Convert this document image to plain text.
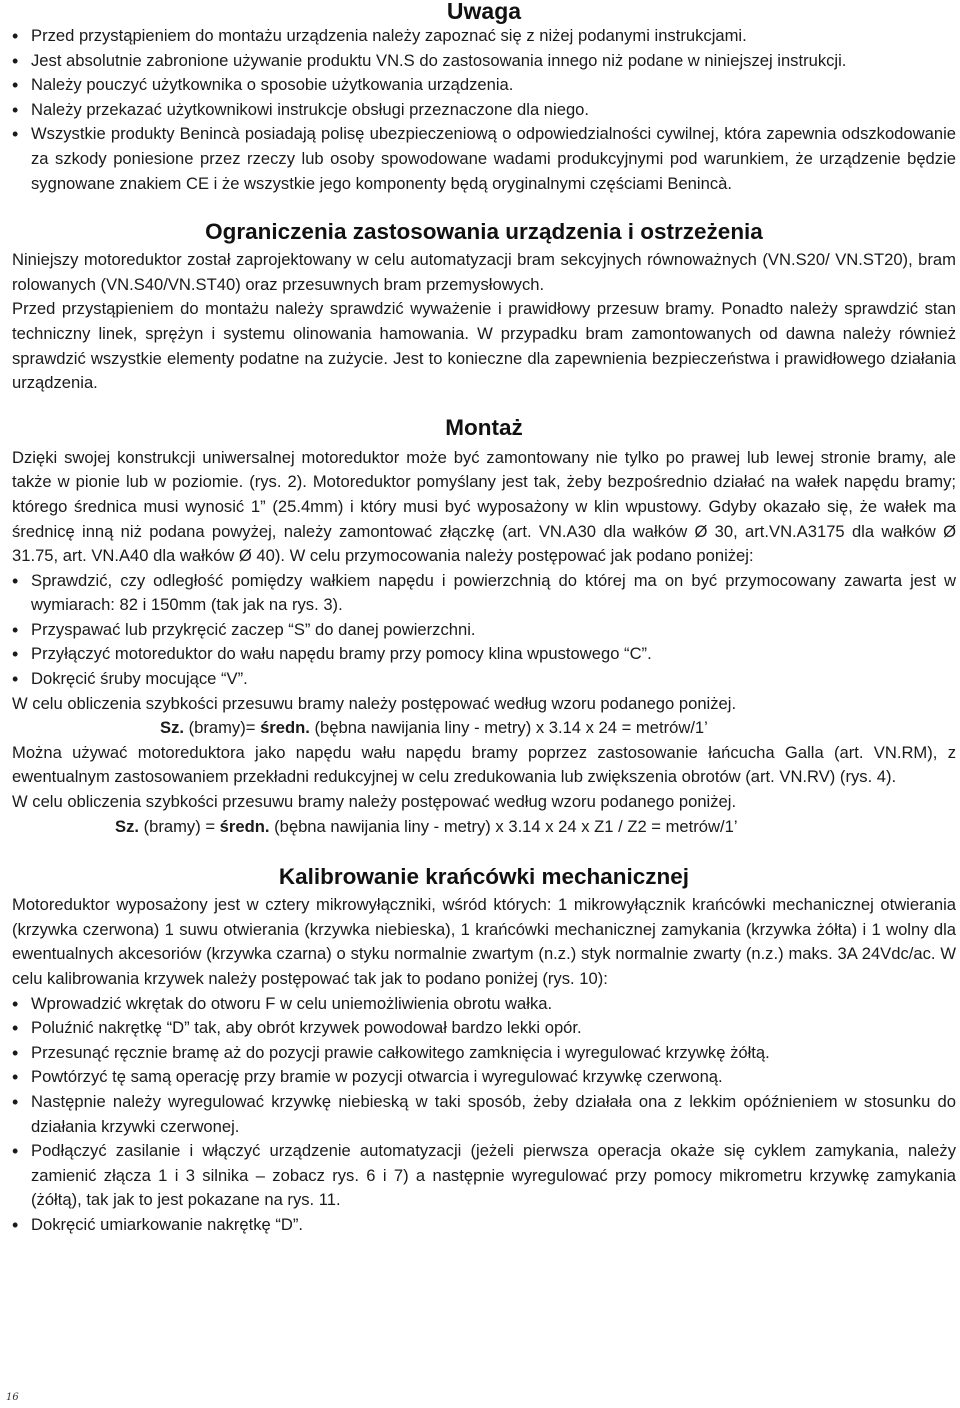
Uwaga
• Przed przystąpieniem do montażu urządzenia należy zapoznać się z niżej podanymi instrukcjami.
• Jest absolutnie zabronione używanie produktu VN.S do zastosowania innego niż podane w niniejszej instrukcji.
• Należy pouczyć użytkownika o sposobie użytkowania urządzenia.
• Należy przekazać użytkownikowi instrukcje obsługi przeznaczone dla niego.
• Wszystkie produkty Benincà posiadają polisę ubezpieczeniową o odpowiedzialności cywilnej, która zapewnia odszkodowanie za szkody poniesione przez rzeczy lub osoby spowodowane wadami produkcyjnymi pod warunkiem, że urządzenie będzie sygnowane znakiem CE i że wszystkie jego komponenty będą oryginalnymi częściami Benincà.
Ograniczenia zastosowania urządzenia i ostrzeżenia

Niniejszy motoreduktor został zaprojektowany w celu automatyzacji bram sekcyjnych równoważnych (VN.S20/ VN.ST20), bram rolowanych (VN.S40/VN.ST40) oraz przesuwnych bram przemysłowych.

Przed przystąpieniem do montażu należy sprawdzić wyważenie i prawidłowy przesuw bramy. Ponadto należy sprawdzić stan techniczny linek, sprężyn i systemu olinowania hamowania. W przypadku bram zamontowanych od dawna należy również sprawdzić wszystkie elementy podatne na zużycie. Jest to konieczne dla zapewnienia bezpieczeństwa i prawidłowego działania urządzenia.

Montaż

Dzięki swojej konstrukcji uniwersalnej motoreduktor może być zamontowany nie tylko po prawej lub lewej stronie bramy, ale także w pionie lub w poziomie. (rys. 2). Motoreduktor pomyślany jest tak, żeby bezpośrednio działać na wałek napędu bramy; którego średnica musi wynosić 1” (25.4mm) i który musi być wyposażony w klin wpustowy. Gdyby okazało się, że wałek ma średnicę inną niż podana powyżej, należy zamontować złączkę (art. VN.A30 dla wałków Ø 30, art.VN.A3175 dla wałków Ø 31.75, art. VN.A40 dla wałków Ø 40). W celu przymocowania należy postępować jak podano poniżej:

• Sprawdzić, czy odległość pomiędzy wałkiem napędu i powierzchnią do której ma on być przymocowany zawarta jest w wymiarach: 82 i 150mm (tak jak na rys. 3).
• Przyspawać lub przykręcić zaczep “S” do danej powierzchni.
• Przyłączyć motoreduktor do wału napędu bramy przy pomocy klina wpustowego “C”.
• Dokręcić śruby mocujące “V”.

W celu obliczenia szybkości przesuwu bramy należy postępować według wzoru podanego poniżej.

Sz. (bramy)= średn. (bębna nawijania liny - metry) x 3.14 x 24 = metrów/1’

Można używać motoreduktora jako napędu wału napędu bramy poprzez zastosowanie łańcucha Galla (art. VN.RM), z ewentualnym zastosowaniem przekładni redukcyjnej w celu zredukowania lub zwiększenia obrotów (art. VN.RV) (rys. 4).

W celu obliczenia szybkości przesuwu bramy należy postępować według wzoru podanego poniżej.

Sz. (bramy) = średn. (bębna nawijania liny - metry) x 3.14 x 24 x Z1 / Z2 = metrów/1’

Kalibrowanie krańcówki mechanicznej

Motoreduktor wyposażony jest w cztery mikrowyłączniki, wśród których: 1 mikrowyłącznik krańcówki mechanicznej otwierania (krzywka czerwona) 1 suwu otwierania (krzywka niebieska), 1 krańcówki mechanicznej zamykania (krzywka żółta) i 1 wolny dla ewentualnych akcesoriów (krzywka czarna) o styku normalnie zwartym (n.z.) styk normalnie zwarty (n.z.) maks. 3A 24Vdc/ac. W celu kalibrowania krzywek należy postępować tak jak to podano poniżej (rys. 10):

• Wprowadzić wkrętak do otworu F w celu uniemożliwienia obrotu wałka.
• Poluźnić nakrętkę “D” tak, aby obrót krzywek powodował bardzo lekki opór.
• Przesunąć ręcznie bramę aż do pozycji prawie całkowitego zamknięcia i wyregulować krzywkę żółtą.
• Powtórzyć tę samą operację przy bramie w pozycji otwarcia i wyregulować krzywkę czerwoną.
• Następnie należy wyregulować krzywkę niebieską w taki sposób, żeby działała ona z lekkim opóźnieniem w stosunku do działania krzywki czerwonej.
• Podłączyć zasilanie i włączyć urządzenie automatyzacji (jeżeli pierwsza operacja okaże się cyklem zamykania, należy zamienić złącza 1 i 3 silnika – zobacz rys. 6 i 7) a następnie wyregulować przy pomocy mikrometru krzywkę zamykania (żółtą), tak jak to jest pokazane na rys. 11.
• Dokręcić umiarkowanie nakrętkę “D”.
16
